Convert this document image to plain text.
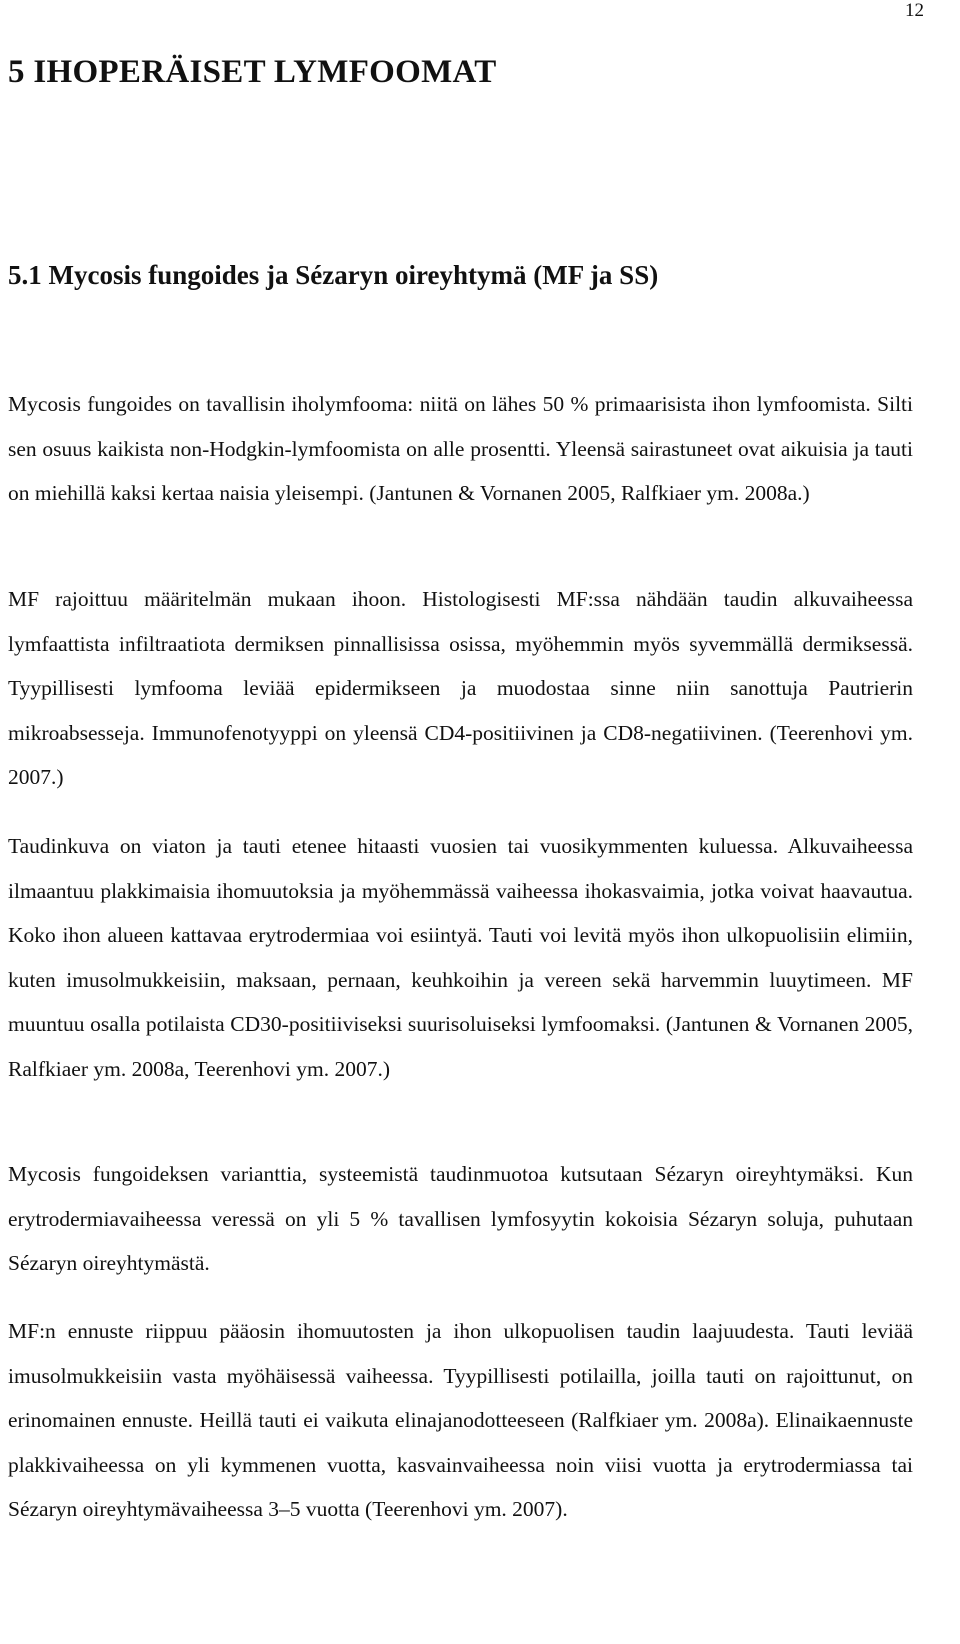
12
5 IHOPERÄISET LYMFOOMAT
5.1 Mycosis fungoides ja Sézaryn oireyhtymä (MF ja SS)

Mycosis fungoides on tavallisin iholymfooma: niitä on lähes 50 % primaarisista ihon lymfoomista. Silti sen osuus kaikista non-Hodgkin-lymfoomista on alle prosentti. Yleensä sairastuneet ovat aikuisia ja tauti on miehillä kaksi kertaa naisia yleisempi. (Jantunen & Vornanen 2005, Ralfkiaer ym. 2008a.)

MF rajoittuu määritelmän mukaan ihoon. Histologisesti MF:ssa nähdään taudin alkuvaiheessa lymfaattista infiltraatiota dermiksen pinnallisissa osissa, myöhemmin myös syvemmällä dermiksessä. Tyypillisesti lymfooma leviää epidermikseen ja muodostaa sinne niin sanottuja Pautrierin mikroabsesseja. Immunofenotyyppi on yleensä CD4-positiivinen ja CD8-negatiivinen. (Teerenhovi ym. 2007.)

Taudinkuva on viaton ja tauti etenee hitaasti vuosien tai vuosikymmenten kuluessa. Alkuvaiheessa ilmaantuu plakkimaisia ihomuutoksia ja myöhemmässä vaiheessa ihokasvaimia, jotka voivat haavautua. Koko ihon alueen kattavaa erytrodermiaa voi esiintyä. Tauti voi levitä myös ihon ulkopuolisiin elimiin, kuten imusolmukkeisiin, maksaan, pernaan, keuhkoihin ja vereen sekä harvemmin luuytimeen. MF muuntuu osalla potilaista CD30-positiiviseksi suurisoluiseksi lymfoomaksi. (Jantunen & Vornanen 2005, Ralfkiaer ym. 2008a, Teerenhovi ym. 2007.)

Mycosis fungoideksen varianttia, systeemistä taudinmuotoa kutsutaan Sézaryn oireyhtymäksi. Kun erytrodermiavaiheessa veressä on yli 5 % tavallisen lymfosyytin kokoisia Sézaryn soluja, puhutaan Sézaryn oireyhtymästä.

MF:n ennuste riippuu pääosin ihomuutosten ja ihon ulkopuolisen taudin laajuudesta. Tauti leviää imusolmukkeisiin vasta myöhäisessä vaiheessa. Tyypillisesti potilailla, joilla tauti on rajoittunut, on erinomainen ennuste. Heillä tauti ei vaikuta elinajanodotteeseen (Ralfkiaer ym. 2008a). Elinaikaennuste plakkivaiheessa on yli kymmenen vuotta, kasvainvaiheessa noin viisi vuotta ja erytrodermiassa tai Sézaryn oireyhtymävaiheessa 3–5 vuotta (Teerenhovi ym. 2007).
